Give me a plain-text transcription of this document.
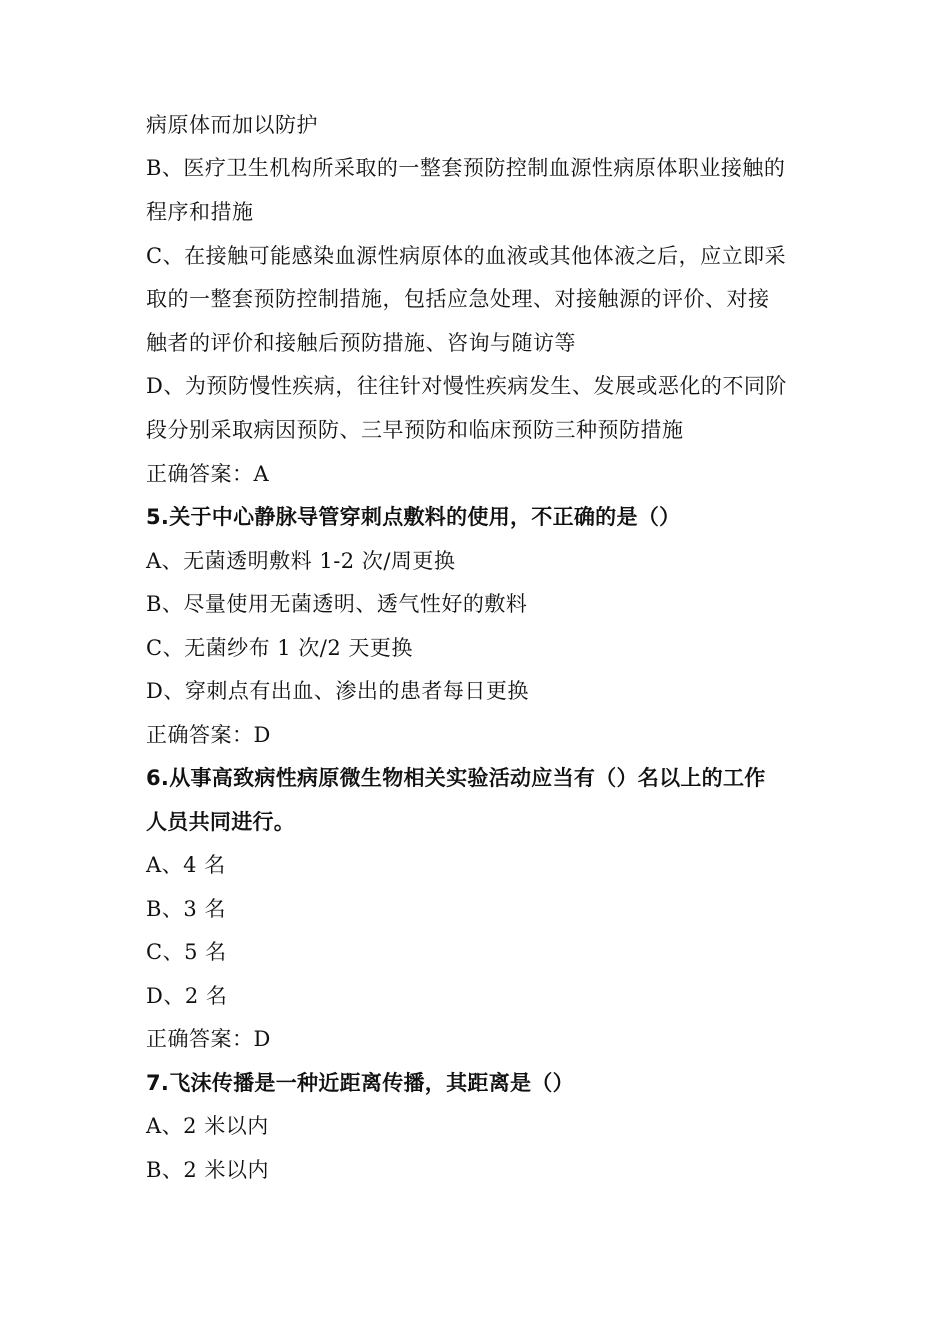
病原体而加以防护
B、医疗卫生机构所采取的一整套预防控制血源性病原体职业接触的
程序和措施
C、在接触可能感染血源性病原体的血液或其他体液之后，应立即采
取的一整套预防控制措施，包括应急处理、对接触源的评价、对接
触者的评价和接触后预防措施、咨询与随访等
D、为预防慢性疾病，往往针对慢性疾病发生、发展或恶化的不同阶
段分别采取病因预防、三早预防和临床预防三种预防措施
正确答案：A
5.关于中心静脉导管穿刺点敷料的使用，不正确的是（）
A、无菌透明敷料 1-2 次/周更换
B、尽量使用无菌透明、透气性好的敷料
C、无菌纱布 1 次/2 天更换
D、穿刺点有出血、渗出的患者每日更换
正确答案：D
6.从事高致病性病原微生物相关实验活动应当有（）名以上的工作
人员共同进行。
A、4 名
B、3 名
C、5 名
D、2 名
正确答案：D
7.飞沫传播是一种近距离传播，其距离是（）
A、2 米以内
B、2 米以内
